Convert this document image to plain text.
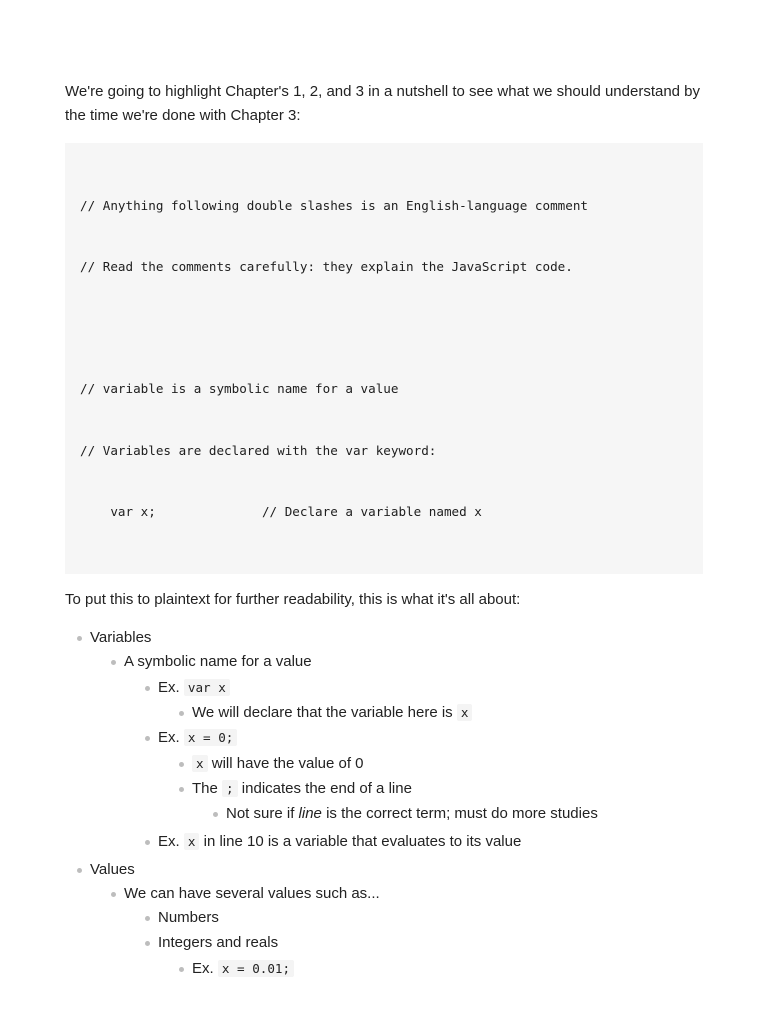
We're going to highlight Chapter's 1, 2, and 3 in a nutshell to see what we should understand by the time we're done with Chapter 3:

// Anything following double slashes is an English-language comment

// Read the comments carefully: they explain the JavaScript code.

// variable is a symbolic name for a value

// Variables are declared with the var keyword:

var x;              // Declare a variable named x

To put this to plaintext for further readability, this is what it's all about:

Variables
A symbolic name for a value
Ex. var x
We will declare that the variable here is x
Ex. x = 0;
x will have the value of 0
The ; indicates the end of a line
Not sure if line is the correct term; must do more studies
Ex. x in line 10 is a variable that evaluates to its value
Values
We can have several values such as...
Numbers
Integers and reals
Ex. x = 0.01;
